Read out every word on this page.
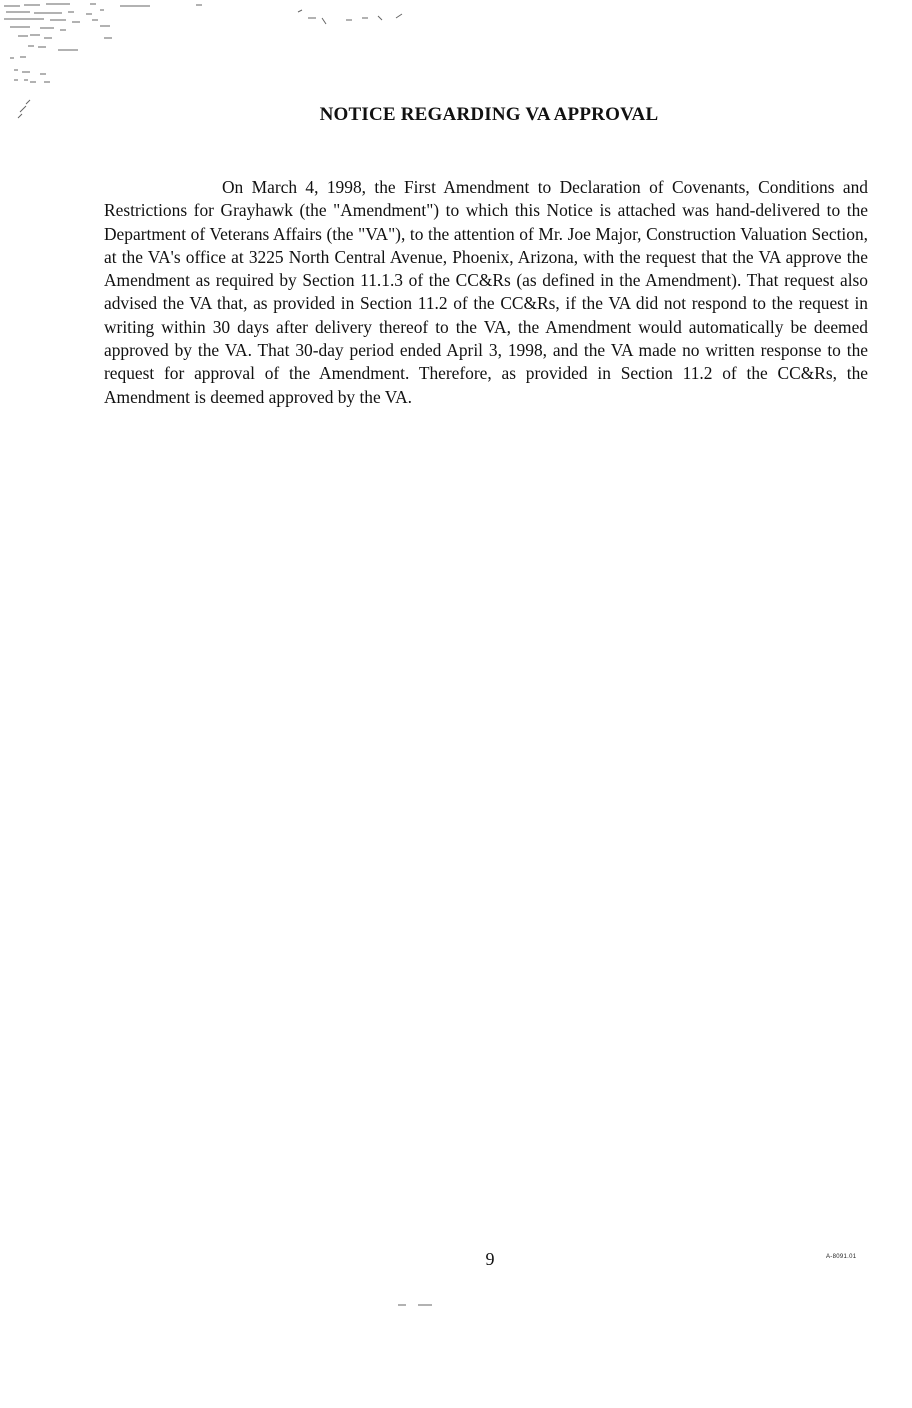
NOTICE REGARDING VA APPROVAL

On March 4, 1998, the First Amendment to Declaration of Covenants, Conditions and Restrictions for Grayhawk (the "Amendment") to which this Notice is attached was hand-delivered to the Department of Veterans Affairs (the "VA"), to the attention of Mr. Joe Major, Construction Valuation Section, at the VA's office at 3225 North Central Avenue, Phoenix, Arizona, with the request that the VA approve the Amendment as required by Section 11.1.3 of the CC&Rs (as defined in the Amendment). That request also advised the VA that, as provided in Section 11.2 of the CC&Rs, if the VA did not respond to the request in writing within 30 days after delivery thereof to the VA, the Amendment would automatically be deemed approved by the VA. That 30-day period ended April 3, 1998, and the VA made no written response to the request for approval of the Amendment. Therefore, as provided in Section 11.2 of the CC&Rs, the Amendment is deemed approved by the VA.

9	A-8091.01
